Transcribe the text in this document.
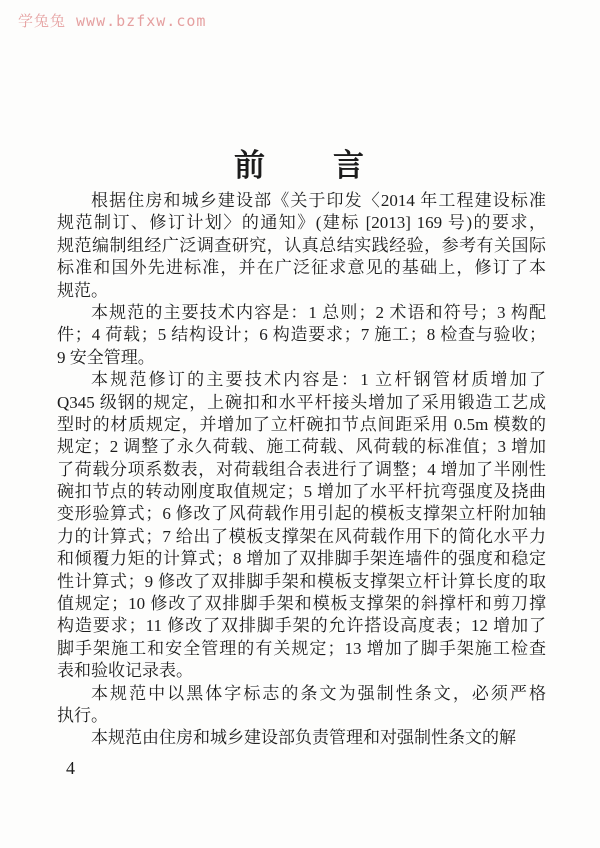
学兔兔 www.bzfxw.com
前　　言

根据住房和城乡建设部《关于印发〈2014 年工程建设标准
规范制订、修订计划〉的通知》(建标 [2013] 169 号)的要求，
规范编制组经广泛调查研究，认真总结实践经验，参考有关国际
标准和国外先进标准，并在广泛征求意见的基础上，修订了本
规范。

本规范的主要技术内容是：1 总则；2 术语和符号；3 构配
件；4 荷载；5 结构设计；6 构造要求；7 施工；8 检查与验收；
9 安全管理。

本规范修订的主要技术内容是：1 立杆钢管材质增加了
Q345 级钢的规定，上碗扣和水平杆接头增加了采用锻造工艺成
型时的材质规定，并增加了立杆碗扣节点间距采用 0.5m 模数的
规定；2 调整了永久荷载、施工荷载、风荷载的标准值；3 增加
了荷载分项系数表，对荷载组合表进行了调整；4 增加了半刚性
碗扣节点的转动刚度取值规定；5 增加了水平杆抗弯强度及挠曲
变形验算式；6 修改了风荷载作用引起的模板支撑架立杆附加轴
力的计算式；7 给出了模板支撑架在风荷载作用下的简化水平力
和倾覆力矩的计算式；8 增加了双排脚手架连墙件的强度和稳定
性计算式；9 修改了双排脚手架和模板支撑架立杆计算长度的取
值规定；10 修改了双排脚手架和模板支撑架的斜撑杆和剪刀撑
构造要求；11 修改了双排脚手架的允许搭设高度表；12 增加了
脚手架施工和安全管理的有关规定；13 增加了脚手架施工检查
表和验收记录表。

本规范中以黑体字标志的条文为强制性条文，必须严格
执行。

本规范由住房和城乡建设部负责管理和对强制性条文的解

4
